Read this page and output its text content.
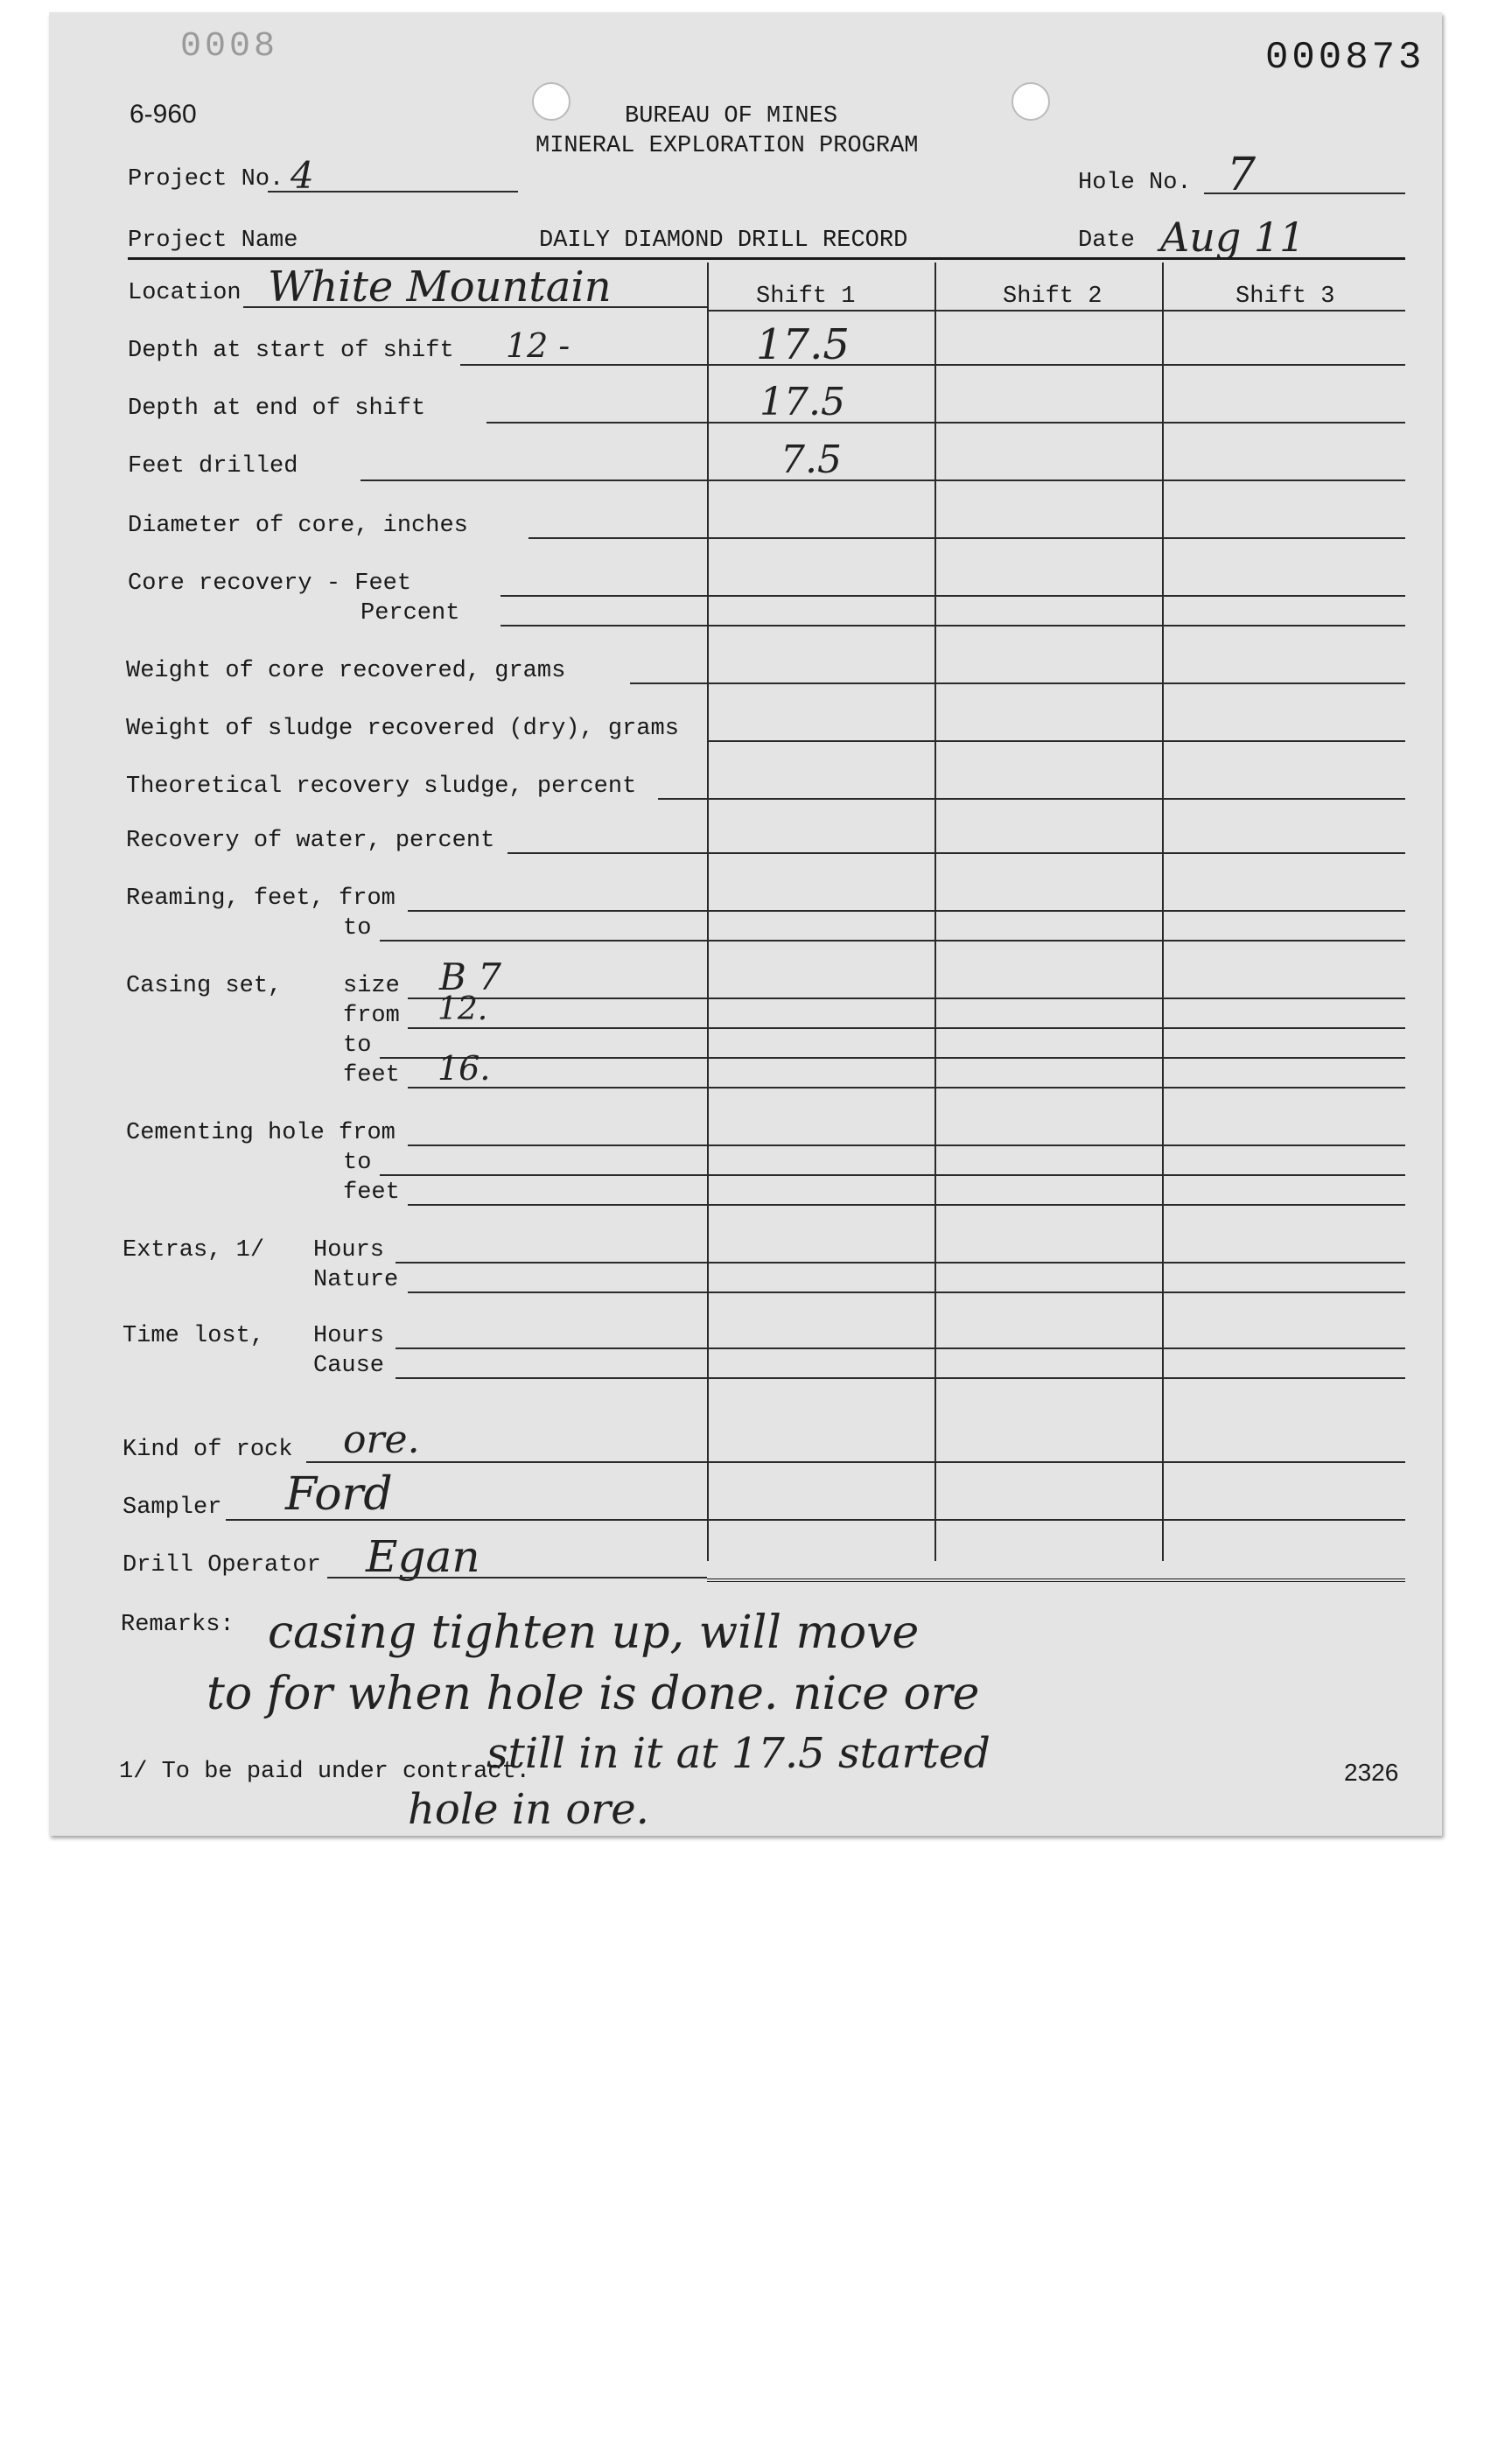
0008	000873
6-960	BUREAU OF MINES
MINERAL EXPLORATION PROGRAM
Project No. 4	Hole No. 7
Project Name	DAILY DIAMOND DRILL RECORD	Date Aug 11
Location White Mountain	Shift 1	Shift 2	Shift 3
Depth at start of shift 12 -	17.5
Depth at end of shift	17.5
Feet drilled	7.5
Diameter of core, inches
Core recovery - Feet
Percent
Weight of core recovered, grams
Weight of sludge recovered (dry), grams
Theoretical recovery sludge, percent
Recovery of water, percent
Reaming, feet, from
to
Casing set,	size B 7
from 12.
to
feet 16.
Cementing hole from
to
feet
Extras, 1/ Hours
Nature
Time lost, Hours
Cause
Kind of rock ore.
Sampler Ford
Drill Operator Egan
Remarks: casing tighten up, will move
to for when hole is done. nice ore
still in it at 17.5 started
hole in ore.
1/ To be paid under contract.	2326
